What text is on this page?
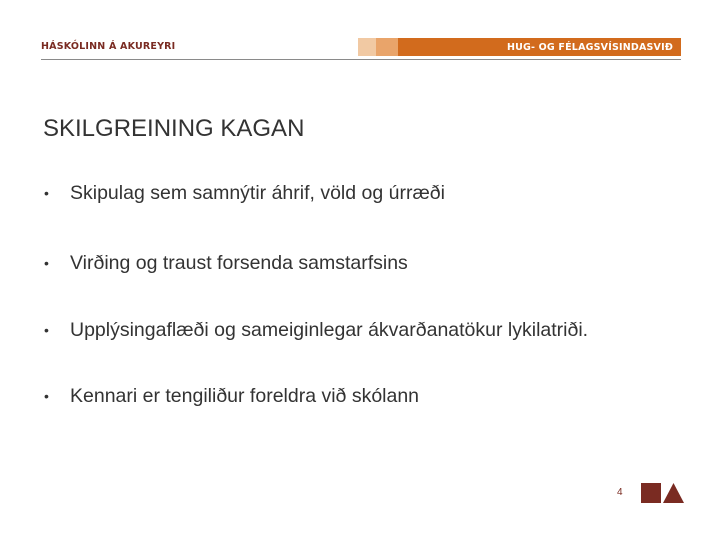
HÁSKÓLINN Á AKUREYRI	HUG- OG FÉLAGSVÍSINDASVIÐ
SKILGREINING KAGAN
• Skipulag sem samnýtir áhrif, völd og úrræði
• Virðing og traust forsenda samstarfsins
• Upplýsingaflæði og sameiginlegar ákvarðanatökur lykilatriði.
• Kennari er tengiliður foreldra við skólann
4
